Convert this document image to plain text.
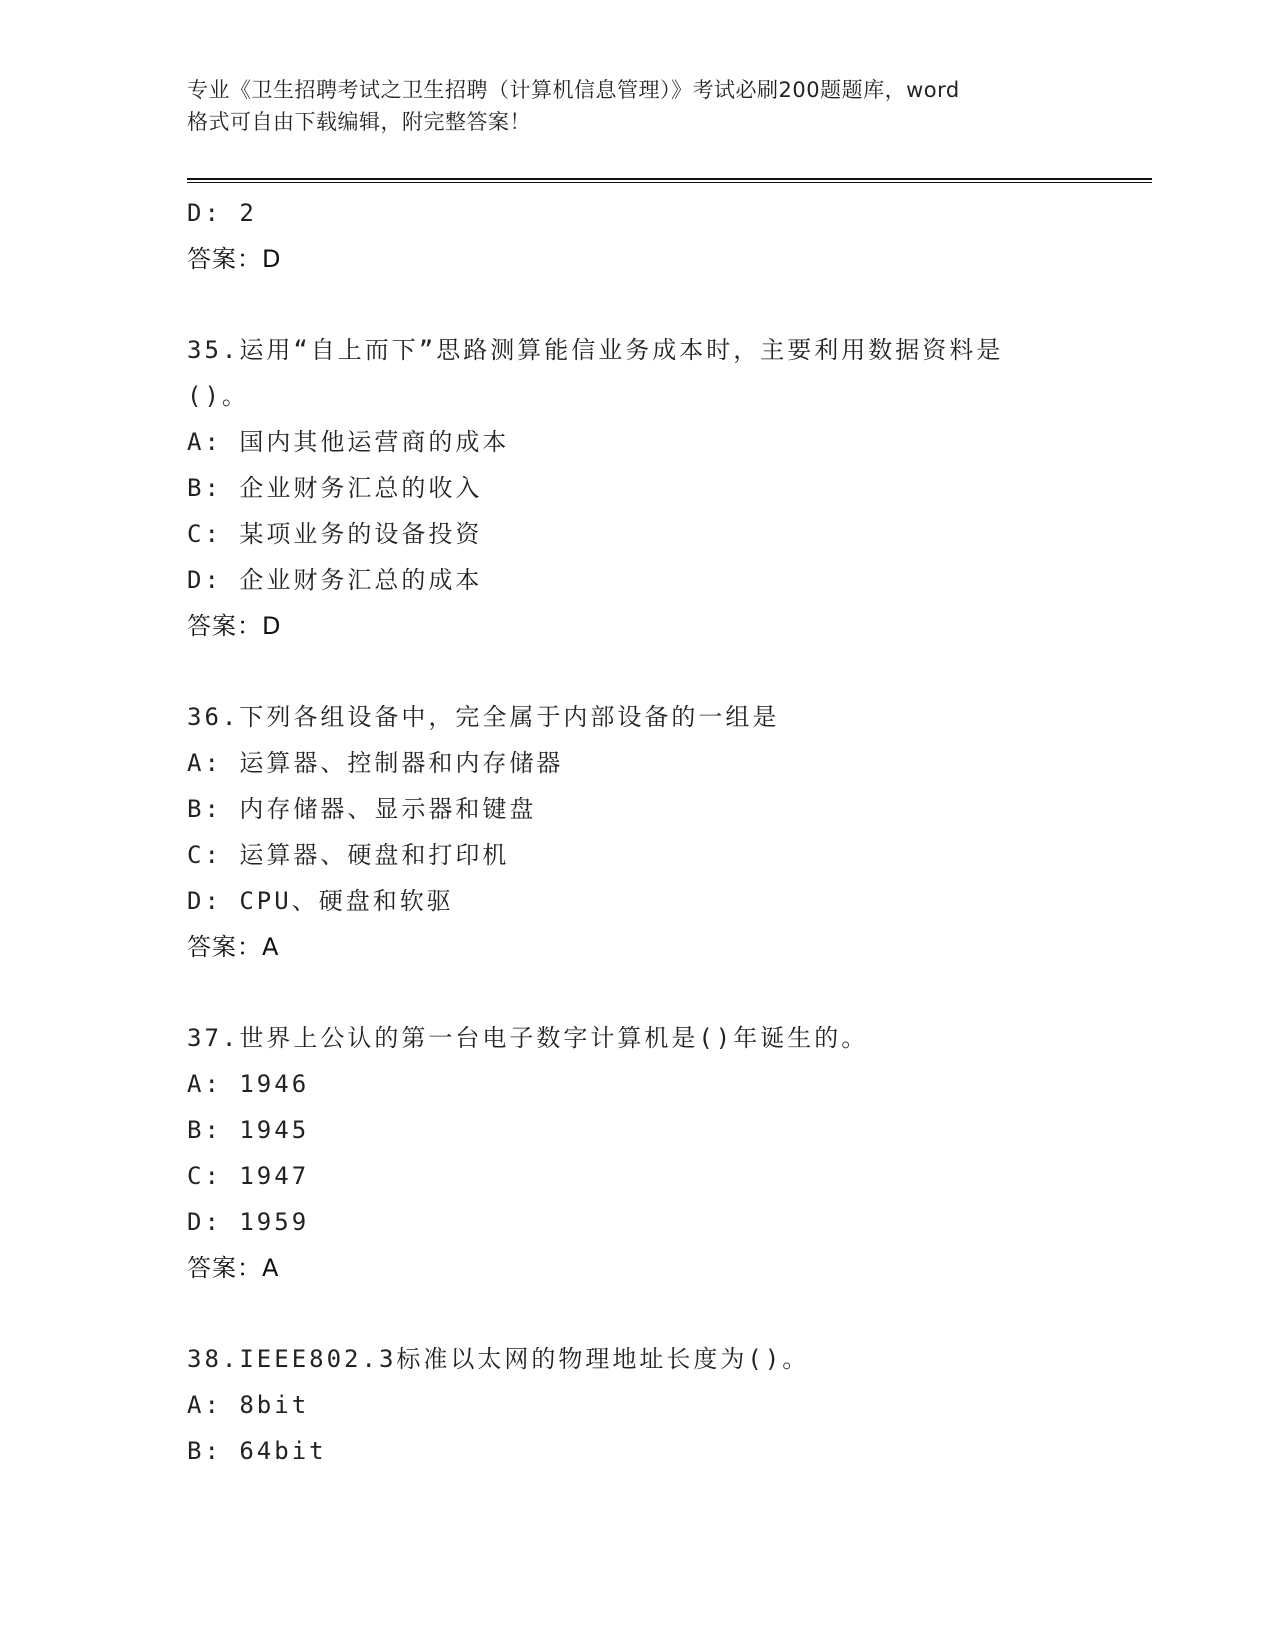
专业《卫生招聘考试之卫生招聘（计算机信息管理）》考试必刷200题题库，word
格式可自由下载编辑，附完整答案！
D: 2
答案：D
35.运用“自上而下”思路测算能信业务成本时，主要利用数据资料是
()。
A: 国内其他运营商的成本
B: 企业财务汇总的收入
C: 某项业务的设备投资
D: 企业财务汇总的成本
答案：D
36.下列各组设备中，完全属于内部设备的一组是
A: 运算器、控制器和内存储器
B: 内存储器、显示器和键盘
C: 运算器、硬盘和打印机
D: CPU、硬盘和软驱
答案：A
37.世界上公认的第一台电子数字计算机是()年诞生的。
A: 1946
B: 1945
C: 1947
D: 1959
答案：A
38.IEEE802.3标准以太网的物理地址长度为()。
A: 8bit
B: 64bit
